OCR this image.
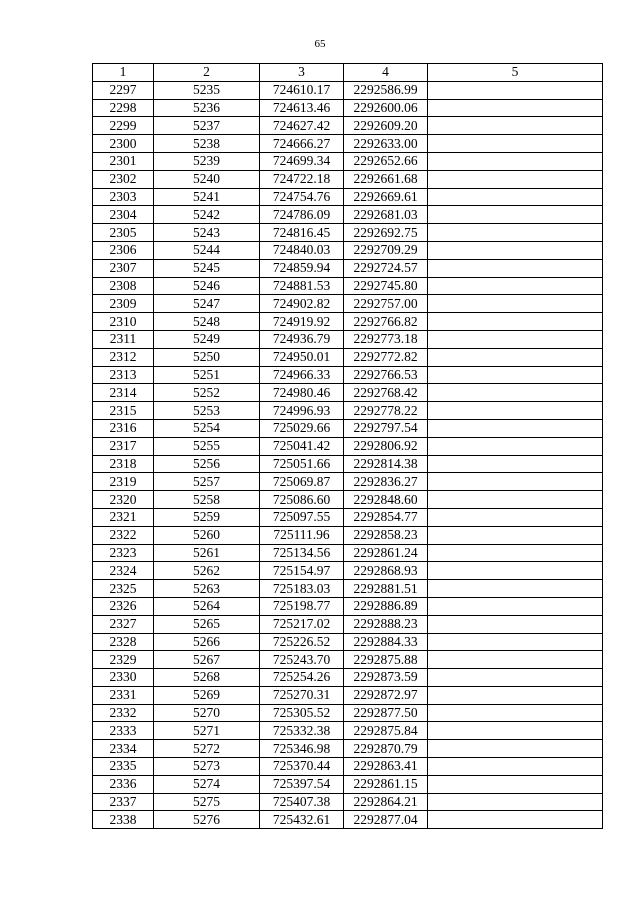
65
1	2	3	4	5
2297	5235	724610.17	2292586.99	
2298	5236	724613.46	2292600.06	
2299	5237	724627.42	2292609.20	
2300	5238	724666.27	2292633.00	
2301	5239	724699.34	2292652.66	
2302	5240	724722.18	2292661.68	
2303	5241	724754.76	2292669.61	
2304	5242	724786.09	2292681.03	
2305	5243	724816.45	2292692.75	
2306	5244	724840.03	2292709.29	
2307	5245	724859.94	2292724.57	
2308	5246	724881.53	2292745.80	
2309	5247	724902.82	2292757.00	
2310	5248	724919.92	2292766.82	
2311	5249	724936.79	2292773.18	
2312	5250	724950.01	2292772.82	
2313	5251	724966.33	2292766.53	
2314	5252	724980.46	2292768.42	
2315	5253	724996.93	2292778.22	
2316	5254	725029.66	2292797.54	
2317	5255	725041.42	2292806.92	
2318	5256	725051.66	2292814.38	
2319	5257	725069.87	2292836.27	
2320	5258	725086.60	2292848.60	
2321	5259	725097.55	2292854.77	
2322	5260	725111.96	2292858.23	
2323	5261	725134.56	2292861.24	
2324	5262	725154.97	2292868.93	
2325	5263	725183.03	2292881.51	
2326	5264	725198.77	2292886.89	
2327	5265	725217.02	2292888.23	
2328	5266	725226.52	2292884.33	
2329	5267	725243.70	2292875.88	
2330	5268	725254.26	2292873.59	
2331	5269	725270.31	2292872.97	
2332	5270	725305.52	2292877.50	
2333	5271	725332.38	2292875.84	
2334	5272	725346.98	2292870.79	
2335	5273	725370.44	2292863.41	
2336	5274	725397.54	2292861.15	
2337	5275	725407.38	2292864.21	
2338	5276	725432.61	2292877.04	
